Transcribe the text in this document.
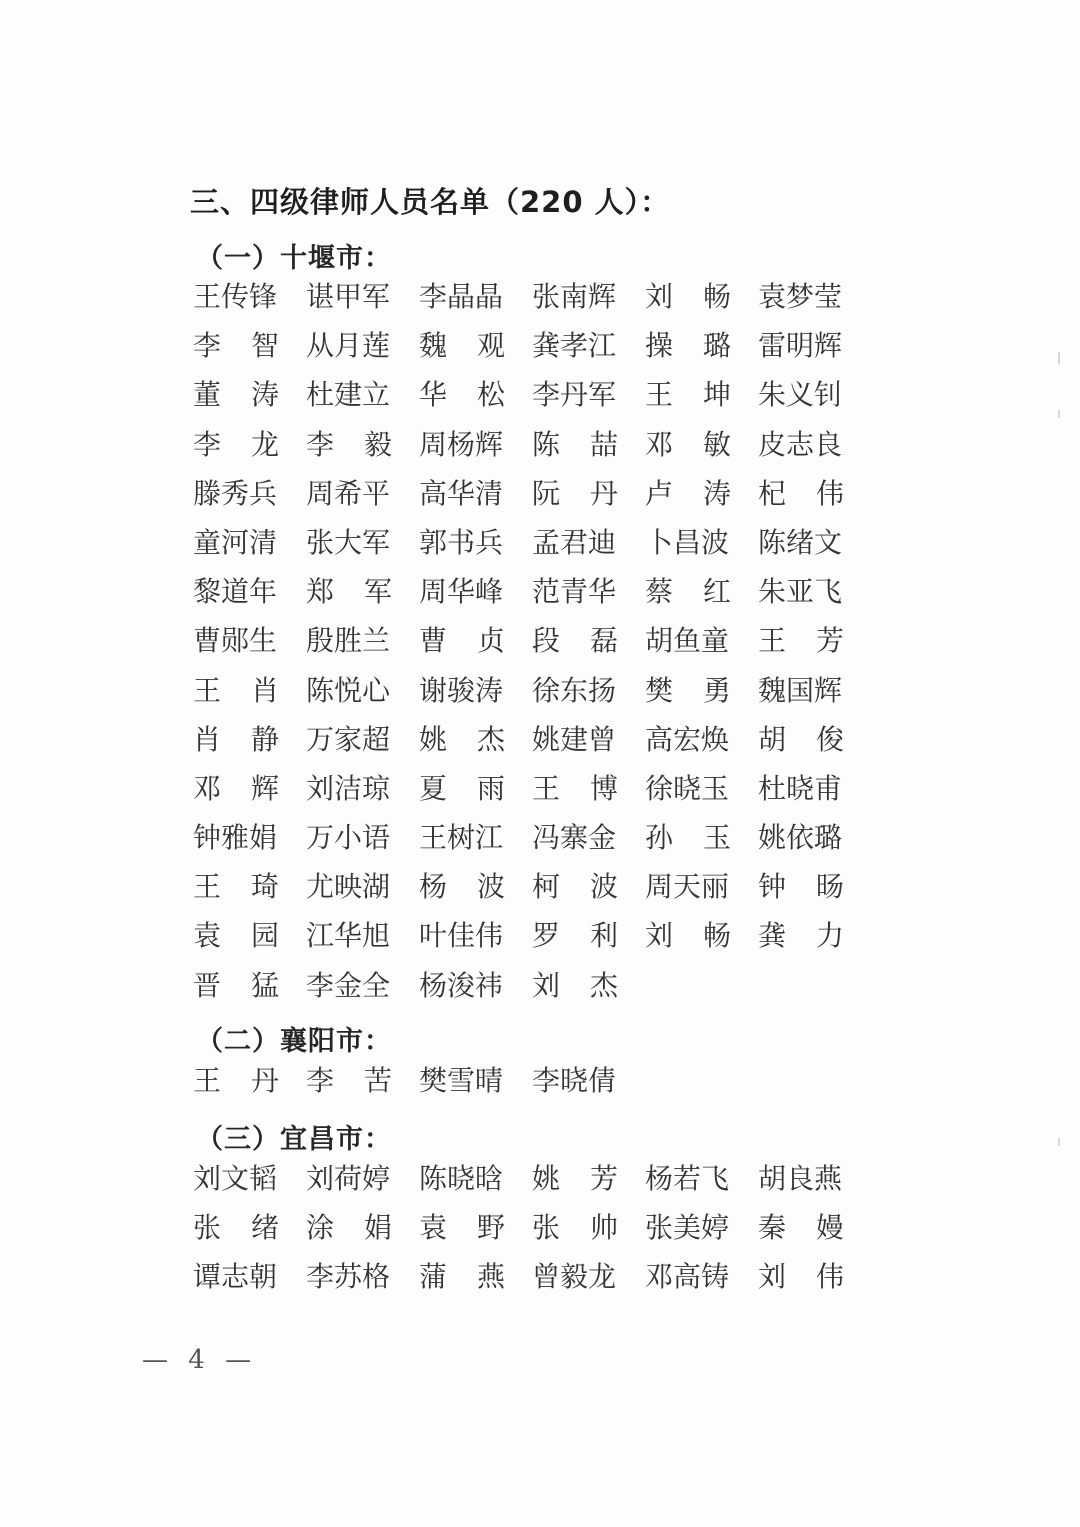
三、四级律师人员名单（220 人）：
（一）十堰市：
王传锋 谌甲军 李晶晶 张南辉 刘 畅 袁梦莹
李 智 从月莲 魏 观 龚孝江 操 璐 雷明辉
董 涛 杜建立 华 松 李丹军 王 坤 朱义钊
李 龙 李 毅 周杨辉 陈 喆 邓 敏 皮志良
滕秀兵 周希平 高华清 阮 丹 卢 涛 杞 伟
童河清 张大军 郭书兵 孟君迪 卜昌波 陈绪文
黎道年 郑 军 周华峰 范青华 蔡 红 朱亚飞
曹郧生 殷胜兰 曹 贞 段 磊 胡鱼童 王 芳
王 肖 陈悦心 谢骏涛 徐东扬 樊 勇 魏国辉
肖 静 万家超 姚 杰 姚建曾 高宏焕 胡 俊
邓 辉 刘洁琼 夏 雨 王 博 徐晓玉 杜晓甫
钟雅娟 万小语 王树江 冯寨金 孙 玉 姚依璐
王 琦 尤映湖 杨 波 柯 波 周天丽 钟 旸
袁 园 江华旭 叶佳伟 罗 利 刘 畅 龚 力
晋 猛 李金全 杨浚祎 刘 杰
（二）襄阳市：
王 丹 李 苦 樊雪晴 李晓倩
（三）宜昌市：
刘文韬 刘荷婷 陈晓晗 姚 芳 杨若飞 胡良燕
张 绪 涂 娟 袁 野 张 帅 张美婷 秦 嫚
谭志朝 李苏格 蒲 燕 曾毅龙 邓高铸 刘 伟
— 4 —
